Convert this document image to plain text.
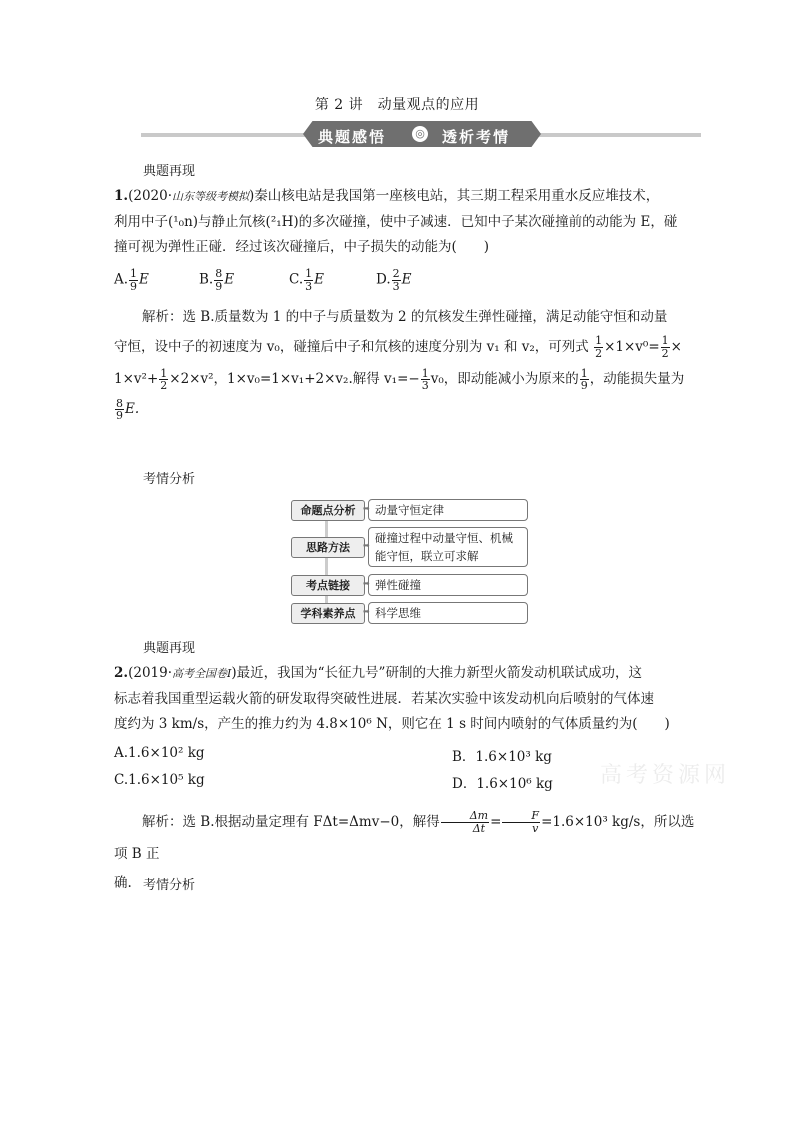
第 2 讲　动量观点的应用
典题感悟	◎ 透析考情
典题再现
1.(2020·山东等级考模拟)秦山核电站是我国第一座核电站，其三期工程采用重水反应堆技术，
利用中子(¹₀n)与静止氘核(²₁H)的多次碰撞，使中子减速．已知中子某次碰撞前的动能为 E，碰
撞可视为弹性正碰．经过该次碰撞后，中子损失的动能为(　　)
A. $\frac{1}{9}$ E	B. $\frac{8}{9}$ E	C. $\frac{1}{3}$ E	D. $\frac{2}{3}$ E
解析：选 B.质量数为 1 的中子与质量数为 2 的氘核发生弹性碰撞，满足动能守恒和动量
守恒，设中子的初速度为 v₀，碰撞后中子和氘核的速度分别为 v₁ 和 v₂，可列式 $\frac{1}{2} \times 1\times v^0= \frac{1}{2}$ ×
$1\times v^2+ \frac{1}{2} \times 2\times v^2$，1×v₀=1×v₁+2×v₂.解得 $v_1=- \frac{1}{3} v_0$，即动能减小为原来的 $\frac{1}{9}$ ，动能损失量为
$\frac{8}{9} E$.
考情分析
命题点分析 ➡ 动量守恒定律
思路方法	➡
碰撞过程中动量守恒、机械能守恒，联立可求解
考点链接	➡ 弹性碰撞
学科素养点 ➡ 科学思维
典题再现
2.(2019·高考全国卷Ⅰ)最近，我国为“长征九号”研制的大推力新型火箭发动机联试成功，这
标志着我国重型运载火箭的研发取得突破性进展．若某次实验中该发动机向后喷射的气体速
度约为 3 km/s，产生的推力约为 4.8×10⁶ N，则它在 1 s 时间内喷射的气体质量约为(　　)
A.1.6×10² kg	B．1.6×10³ kg
C.1.6×10⁵ kg	D．1.6×10⁶ kg 高考资源网
解析：选 B.根据动量定理有 FΔt=Δmv−0，解得 $\frac{\Delta m}{\Delta t} = \frac{F}{v} =1.6\times 10^3$ kg/s，所以选项 B 正
确. 考情分析
